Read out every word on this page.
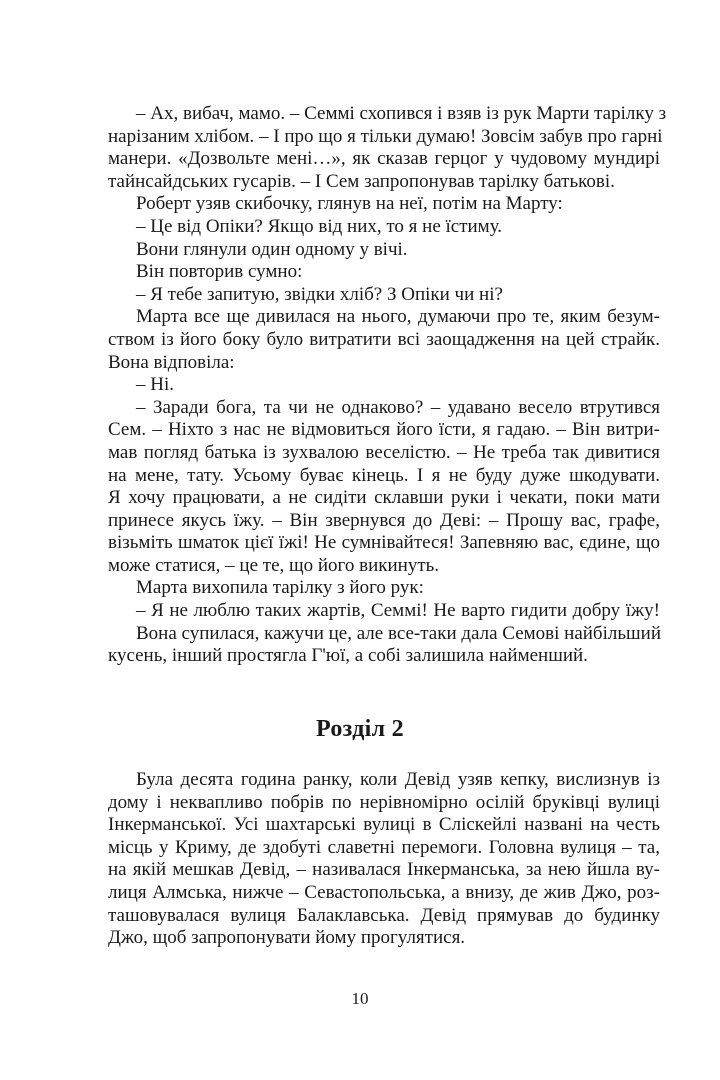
– Ах, вибач, мамо. – Семмі схопився і взяв із рук Марти тарілку з
нарізаним хлібом. – І про що я тільки думаю! Зовсім забув про гарні
манери. «Дозвольте мені…», як сказав герцог у чудовому мундирі
тайнсайдських гусарів. – І Сем запропонував тарілку батькові.
Роберт узяв скибочку, глянув на неї, потім на Марту:
– Це від Опіки? Якщо від них, то я не їстиму.
Вони глянули один одному у вічі.
Він повторив сумно:
– Я тебе запитую, звідки хліб? З Опіки чи ні?
Марта все ще дивилася на нього, думаючи про те, яким безум-
ством із його боку було витратити всі заощадження на цей страйк.
Вона відповіла:
– Ні.
– Заради бога, та чи не однаково? – удавано весело втрутився
Сем. – Ніхто з нас не відмовиться його їсти, я гадаю. – Він витри-
мав погляд батька із зухвалою веселістю. – Не треба так дивитися
на мене, тату. Усьому буває кінець. І я не буду дуже шкодувати.
Я хочу працювати, а не сидіти склавши руки і чекати, поки мати
принесе якусь їжу. – Він звернувся до Деві: – Прошу вас, графе,
візьміть шматок цієї їжі! Не сумнівайтеся! Запевняю вас, єдине, що
може статися, – це те, що його викинуть.
Марта вихопила тарілку з його рук:
– Я не люблю таких жартів, Семмі! Не варто гидити добру їжу!
Вона супилася, кажучи це, але все-таки дала Семові найбільший
кусень, інший простягла Г'юї, а собі залишила найменший.
Розділ 2
Була десята година ранку, коли Девід узяв кепку, вислизнув із
дому і неквапливо побрів по нерівномірно осілій бруківці вулиці
Інкерманської. Усі шахтарські вулиці в Сліскейлі названі на честь
місць у Криму, де здобуті славетні перемоги. Головна вулиця – та,
на якій мешкав Девід, – називалася Інкерманська, за нею йшла ву-
лиця Алмська, нижче – Севастопольська, а внизу, де жив Джо, роз-
ташовувалася вулиця Балаклавська. Девід прямував до будинку
Джо, щоб запропонувати йому прогулятися.
10
